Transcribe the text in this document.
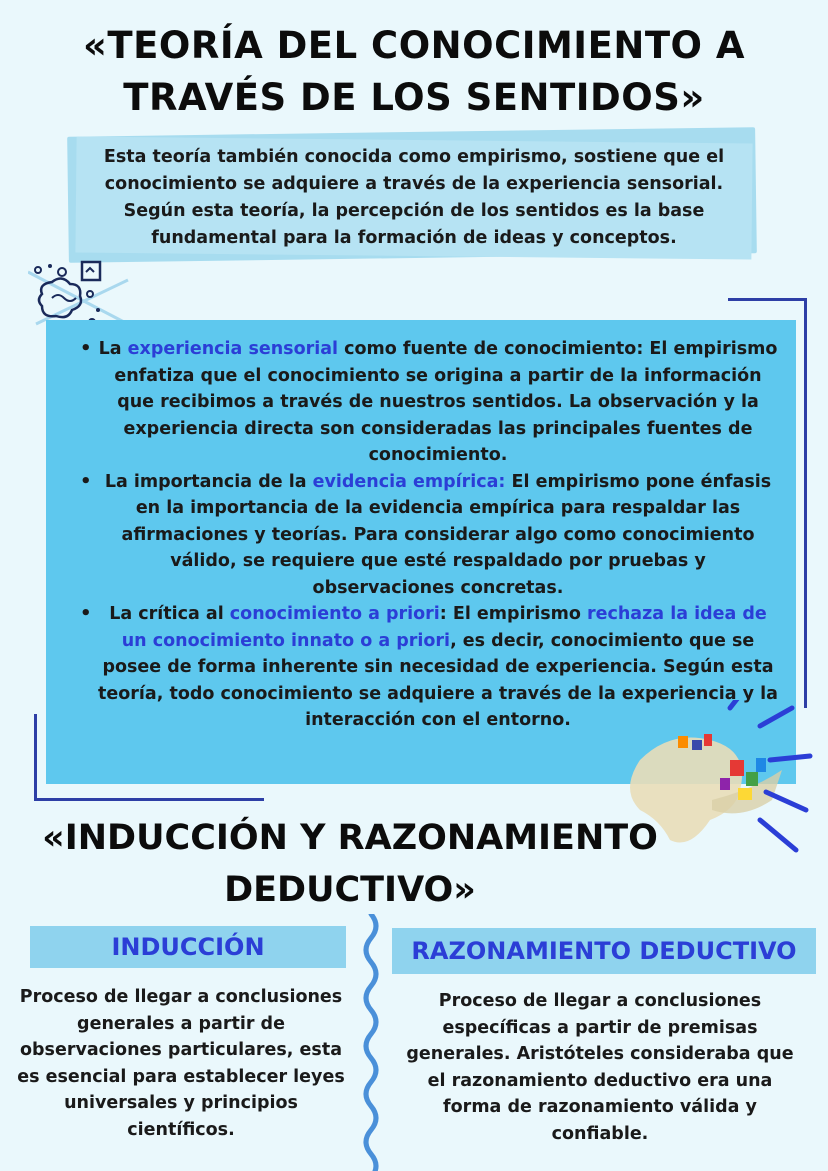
«TEORÍA DEL CONOCIMIENTO A TRAVÉS DE LOS SENTIDOS»

Esta teoría también conocida como empirismo, sostiene que el conocimiento se adquiere a través de la experiencia sensorial. Según esta teoría, la percepción de los sentidos es la base fundamental para la formación de ideas y conceptos.

• La experiencia sensorial como fuente de conocimiento: El empirismo enfatiza que el conocimiento se origina a partir de la información que recibimos a través de nuestros sentidos. La observación y la experiencia directa son consideradas las principales fuentes de conocimiento.
• La importancia de la evidencia empírica: El empirismo pone énfasis en la importancia de la evidencia empírica para respaldar las afirmaciones y teorías. Para considerar algo como conocimiento válido, se requiere que esté respaldado por pruebas y observaciones concretas.
• La crítica al conocimiento a priori: El empirismo rechaza la idea de un conocimiento innato o a priori, es decir, conocimiento que se posee de forma inherente sin necesidad de experiencia. Según esta teoría, todo conocimiento se adquiere a través de la experiencia y la interacción con el entorno.
«INDUCCIÓN Y RAZONAMIENTO DEDUCTIVO»
INDUCCIÓN	RAZONAMIENTO DEDUCTIVO

Proceso de llegar a conclusiones generales a partir de observaciones particulares, esta es esencial para establecer leyes universales y principios científicos.

Proceso de llegar a conclusiones específicas a partir de premisas generales. Aristóteles consideraba que el razonamiento deductivo era una forma de razonamiento válida y confiable.
